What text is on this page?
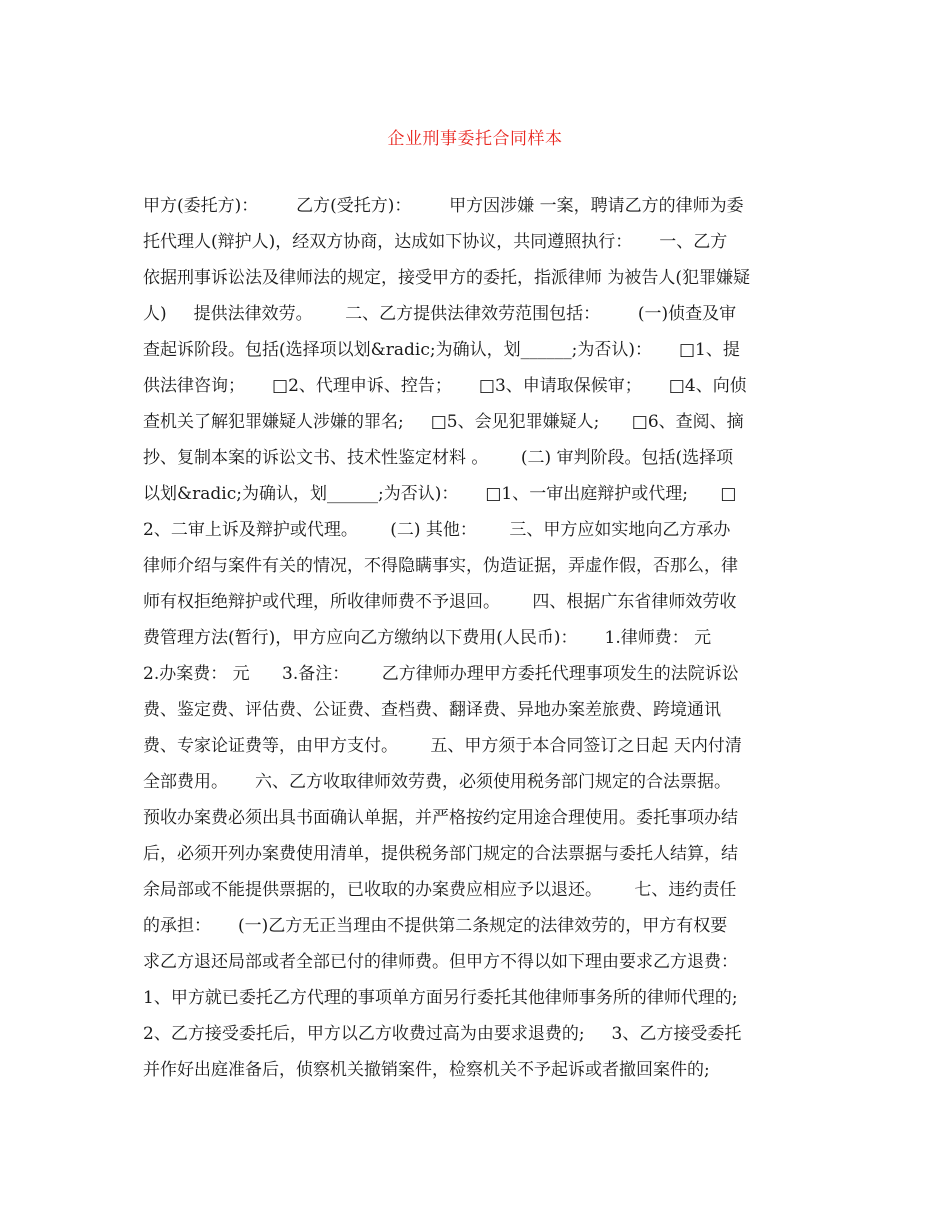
企业刑事委托合同样本
甲方(委托方)：       乙方(受托方)：       甲方因涉嫌 一案，聘请乙方的律师为委
托代理人(辩护人)，经双方协商，达成如下协议，共同遵照执行：     一、乙方
依据刑事诉讼法及律师法的规定，接受甲方的委托，指派律师 为被告人(犯罪嫌疑
人)     提供法律效劳。      二、乙方提供法律效劳范围包括：       (一)侦查及审
查起诉阶段。包括(选择项以划&radic;为确认，划______;为否认)：     □1、提
供法律咨询；     □2、代理申诉、控告；     □3、申请取保候审；     □4、向侦
查机关了解犯罪嫌疑人涉嫌的罪名;     □5、会见犯罪嫌疑人;      □6、查阅、摘
抄、复制本案的诉讼文书、技术性鉴定材料 。      (二) 审判阶段。包括(选择项
以划&radic;为确认，划______;为否认)：     □1、一审出庭辩护或代理;      □
2、二审上诉及辩护或代理。      (二) 其他：      三、甲方应如实地向乙方承办
律师介绍与案件有关的情况，不得隐瞒事实，伪造证据，弄虚作假，否那么，律
师有权拒绝辩护或代理，所收律师费不予退回。      四、根据广东省律师效劳收
费管理方法(暂行)，甲方应向乙方缴纳以下费用(人民币)：     1.律师费： 元
2.办案费： 元      3.备注：      乙方律师办理甲方委托代理事项发生的法院诉讼
费、鉴定费、评估费、公证费、查档费、翻译费、异地办案差旅费、跨境通讯
费、专家论证费等，由甲方支付。      五、甲方须于本合同签订之日起 天内付清
全部费用。     六、乙方收取律师效劳费，必须使用税务部门规定的合法票据。
预收办案费必须出具书面确认单据，并严格按约定用途合理使用。委托事项办结
后，必须开列办案费使用清单，提供税务部门规定的合法票据与委托人结算，结
余局部或不能提供票据的，已收取的办案费应相应予以退还。      七、违约责任
的承担：     (一)乙方无正当理由不提供第二条规定的法律效劳的，甲方有权要
求乙方退还局部或者全部已付的律师费。但甲方不得以如下理由要求乙方退费：
1、甲方就已委托乙方代理的事项单方面另行委托其他律师事务所的律师代理的;
2、乙方接受委托后，甲方以乙方收费过高为由要求退费的;     3、乙方接受委托
并作好出庭准备后，侦察机关撤销案件，检察机关不予起诉或者撤回案件的;
